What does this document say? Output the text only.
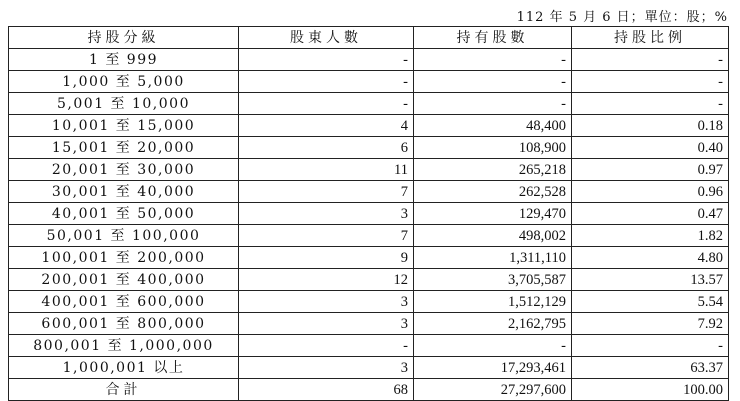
112 年 5 月 6 日；單位：股；%
持股分級	股東人數	持有股數	持股比例
1 至 999	-	-	-
1,000 至 5,000	-	-	-
5,001 至 10,000	-	-	-
10,001 至 15,000	4	48,400	0.18
15,001 至 20,000	6	108,900	0.40
20,001 至 30,000	11	265,218	0.97
30,001 至 40,000	7	262,528	0.96
40,001 至 50,000	3	129,470	0.47
50,001 至 100,000	7	498,002	1.82
100,001 至 200,000	9	1,311,110	4.80
200,001 至 400,000	12	3,705,587	13.57
400,001 至 600,000	3	1,512,129	5.54
600,001 至 800,000	3	2,162,795	7.92
800,001 至 1,000,000	-	-	-
1,000,001 以上	3	17,293,461	63.37
合計	68	27,297,600	100.00
